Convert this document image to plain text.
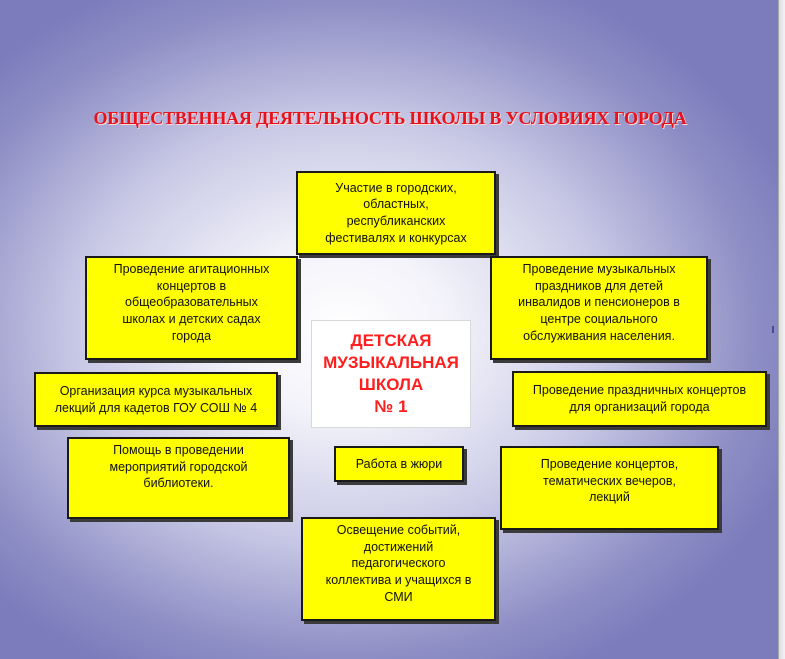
ОБЩЕСТВЕННАЯ ДЕЯТЕЛЬНОСТЬ ШКОЛЫ В УСЛОВИЯХ ГОРОДА
Участие в городских,
областных,
республиканских
фестивалях и конкурсах
Проведение агитационных
концертов в
общеобразовательных
школах и детских садах
города
Проведение музыкальных
праздников для детей
инвалидов и пенсионеров в
центре социального
обслуживания населения.
ДЕТСКАЯ
МУЗЫКАЛЬНАЯ
ШКОЛА
№ 1
Организация курса музыкальных
лекций для кадетов ГОУ СОШ № 4
Проведение праздничных концертов
для организаций города
Помощь в проведении
мероприятий городской
библиотеки.
Работа в жюри	Проведение концертов,
тематических вечеров,
лекций
Освещение событий,
достижений
педагогического
коллектива и учащихся в
СМИ
